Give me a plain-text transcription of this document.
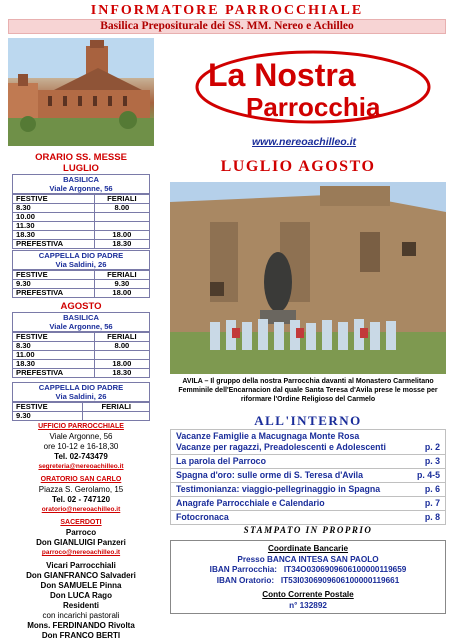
INFORMATORE PARROCCHIALE
Basilica Prepositurale dei SS. MM. Nereo e Achilleo
La Nostra
Parrocchia
www.nereoachilleo.it
LUGLIO AGOSTO
AVILA – Il gruppo della nostra Parrocchia davanti al Monastero Carmelitano Femminile dell'Encarnacion dal quale Santa Teresa d'Avila prese le mosse per riformare l'Ordine Religioso del Carmelo
ORARIO SS. MESSE
LUGLIO
BASILICA
Viale Argonne, 56
FESTIVE	FERIALI
8.30	8.00
10.00	
11.30	
18.30	18.00
PREFESTIVA	18.30
CAPPELLA DIO PADRE
Via Saldini, 26
FESTIVE	FERIALI
9.30	9.30
PREFESTIVA	18.00
AGOSTO
BASILICA
Viale Argonne, 56
FESTIVE	FERIALI
8.30	8.00
11.00	
18.30	18.00
PREFESTIVA	18.30
CAPPELLA DIO PADRE
Via Saldini, 26
FESTIVE	FERIALI
9.30	
UFFICIO PARROCCHIALE
Viale Argonne, 56
ore 10-12 e 16-18,30
Tel. 02-743479
segreteria@nereoachilleo.it
ORATORIO SAN CARLO
Piazza S. Gerolamo, 15
Tel. 02 - 747120
oratorio@nereoachilleo.it
SACERDOTI
Parroco
Don GIANLUIGI Panzeri
parroco@nereoachilleo.it
Vicari Parrocchiali
Don GIANFRANCO Salvaderi
Don SAMUELE Pinna
Don LUCA Rago
Residenti
con incarichi pastorali
Mons. FERDINANDO Rivolta
Don FRANCO BERTI
ALL'INTERNO
Vacanze Famiglie a Macugnaga Monte Rosa
Vacanze per ragazzi, Preadolescenti e Adolescenti	p. 2
La parola del Parroco	p. 3
Spagna d'oro: sulle orme di S. Teresa d'Avila	p. 4-5
Testimonianza: viaggio-pellegrinaggio in Spagna	p. 6
Anagrafe Parrocchiale e Calendario	p. 7
Fotocronaca	p. 8
STAMPATO IN PROPRIO
Coordinate Bancarie
Presso BANCA INTESA SAN PAOLO
IBAN Parrocchia:   IT34O0306909606100000119659
IBAN Oratorio:   IT53I0306909606100000119661
Conto Corrente Postale
n° 132892
